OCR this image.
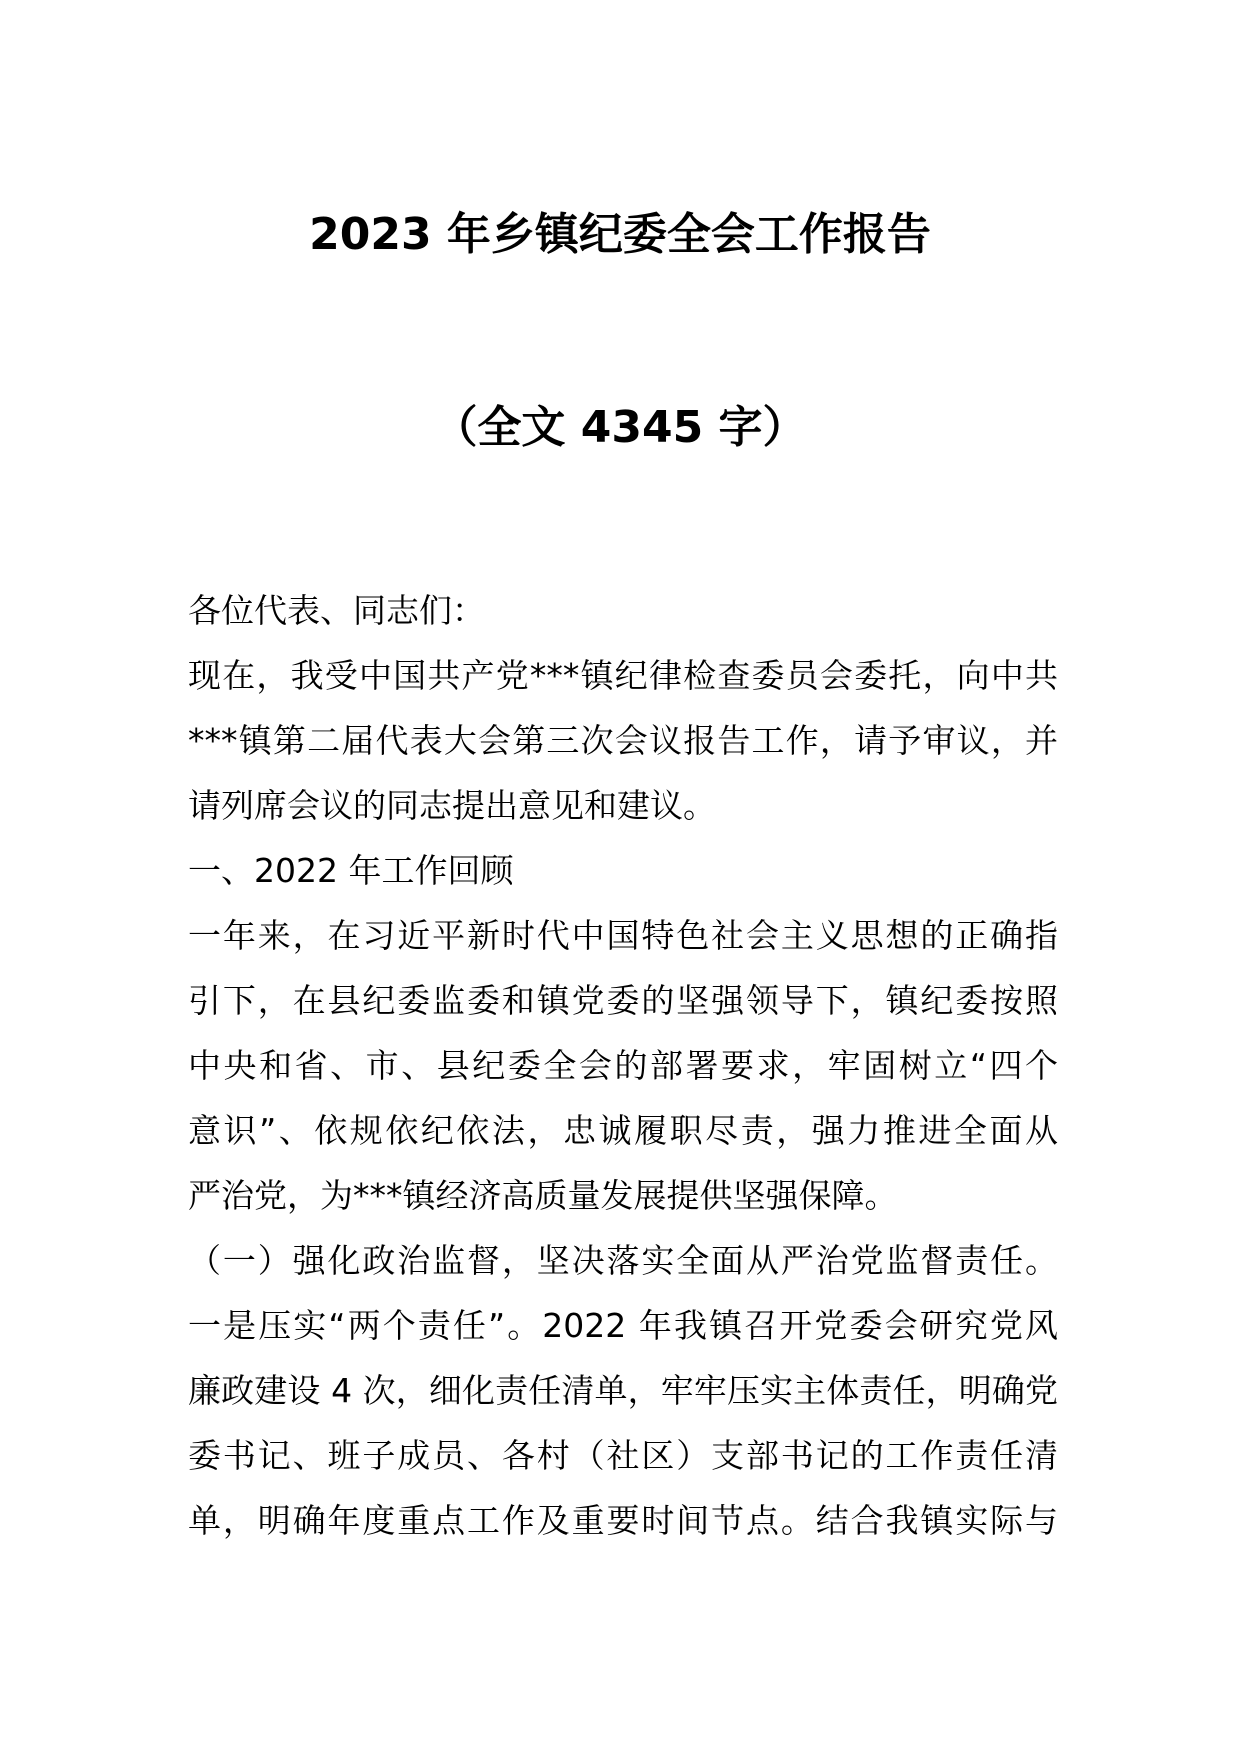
2023 年乡镇纪委全会工作报告
（全文 4345 字）
各位代表、同志们：
现在，我受中国共产党***镇纪律检查委员会委托，向中共
***镇第二届代表大会第三次会议报告工作，请予审议，并
请列席会议的同志提出意见和建议。
一、2022 年工作回顾
一年来，在习近平新时代中国特色社会主义思想的正确指
引下，在县纪委监委和镇党委的坚强领导下，镇纪委按照
中央和省、市、县纪委全会的部署要求，牢固树立“四个
意识”、依规依纪依法，忠诚履职尽责，强力推进全面从
严治党，为***镇经济高质量发展提供坚强保障。
（一）强化政治监督，坚决落实全面从严治党监督责任。
一是压实“两个责任”。2022 年我镇召开党委会研究党风
廉政建设 4 次，细化责任清单，牢牢压实主体责任，明确党
委书记、班子成员、各村（社区）支部书记的工作责任清
单，明确年度重点工作及重要时间节点。结合我镇实际与
